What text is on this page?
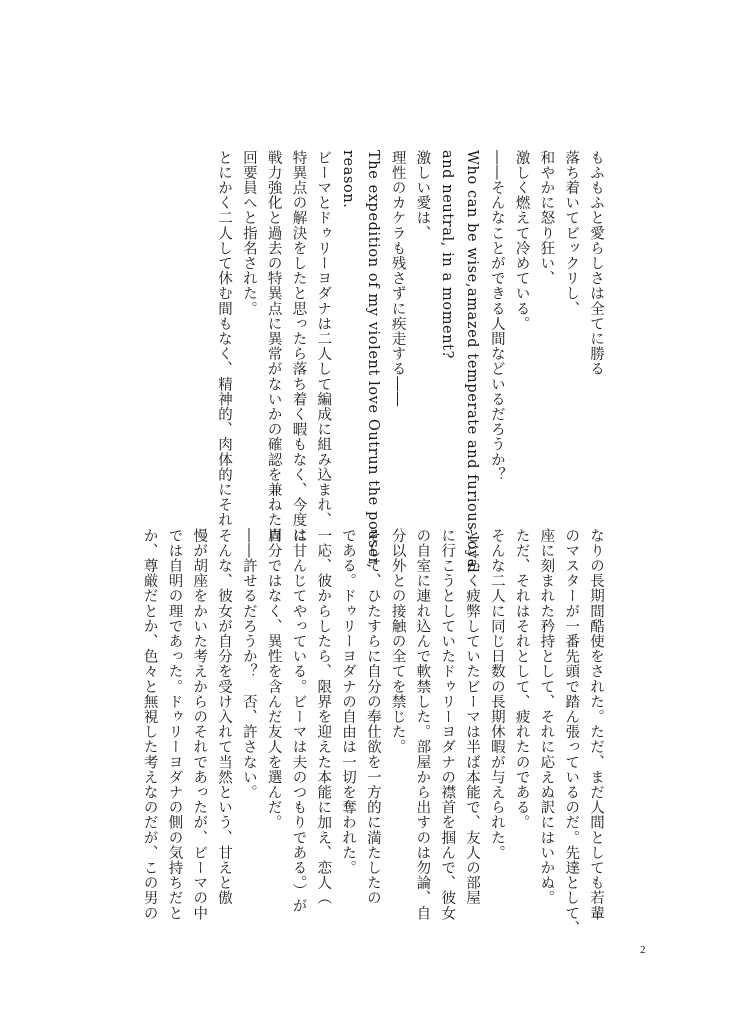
もふもふと愛らしさは全てに勝る
落ち着いてビックリし、
和やかに怒り狂い、
激しく燃えて冷めている。
――そんなことができる人間などいるだろうか？
Who can be wise,amazed temperate and furious,loyal
and neutral, in a moment?
激しい愛は、
理性のカケラも残さずに疾走する――
The expedition of my violent love Outrun the pouser,
reason.
ビーマとドゥリーヨダナは二人して編成に組み込まれ、
特異点の解決をしたと思ったら落ち着く暇もなく、今度は
戦力強化と過去の特異点に異常がないかの確認を兼ねた周
回要員へと指名された。
とにかく二人して休む間もなく、精神的、肉体的にそれ
なりの長期間酷使をされた。ただ、まだ人間としても若輩
のマスターが一番先頭で踏ん張っているのだ。先達として、
座に刻まれた矜持として、それに応えぬ訳にはいかぬ。
ただ、それはそれとして、疲れたのである。
そんな二人に同じ日数の長期休暇が与えられた。
とにかく疲弊していたビーマは半ば本能で、友人の部屋
に行こうとしていたドゥリーヨダナの襟首を掴んで、彼女
の自室に連れ込んで軟禁した。部屋から出すのは勿論、自
分以外との接触の全てを禁じた。
そして、ひたすらに自分の奉仕欲を一方的に満たしたの
である。ドゥリーヨダナの自由は一切を奪われた。
一応、彼からしたら、限界を迎えた本能に加え、恋人（
に甘んじてやっている。ビーマは夫のつもりである。）が
自分ではなく、異性を含んだ友人を選んだ。
――許せるだろうか？　否、許さない。
そんな、彼女が自分を受け入れて当然という、甘えと傲
慢が胡座をかいた考えからのそれであったが、ビーマの中
では自明の理であった。ドゥリーヨダナの側の気持ちだと
か、尊厳だとか、色々と無視した考えなのだが、この男の
2
